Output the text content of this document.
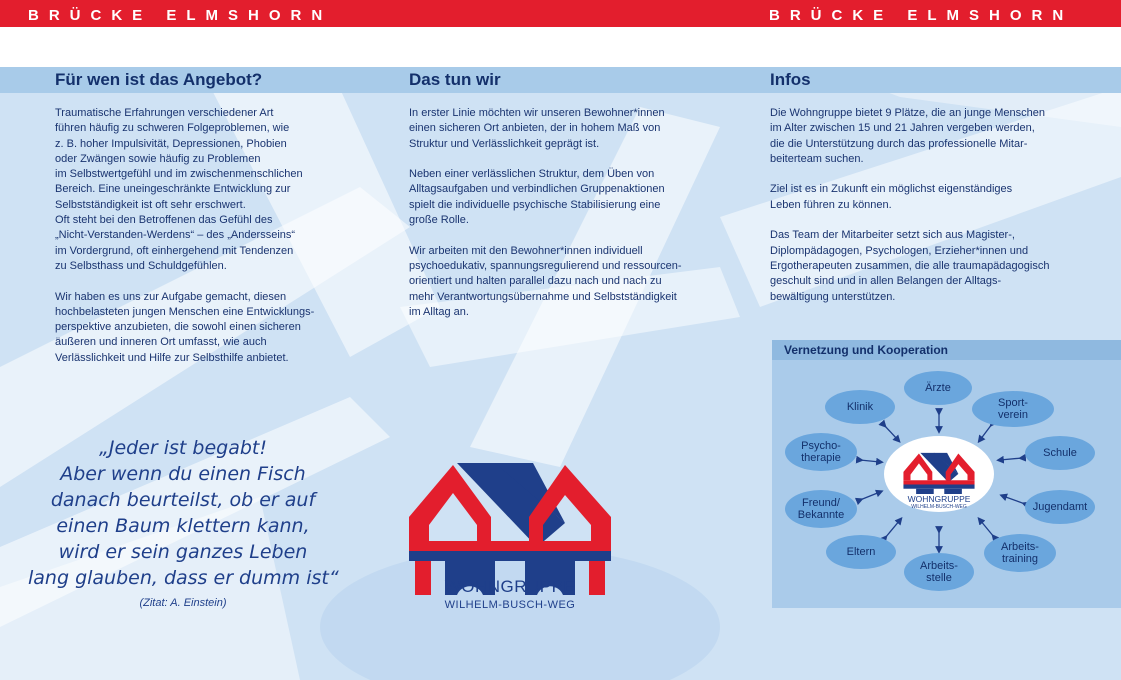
BRÜCKE ELMSHORN	BRÜCKE ELMSHORN
Für wen ist das Angebot?	Das tun wir	Infos
Traumatische Erfahrungen verschiedener Art
führen häufig zu schweren Folgeproblemen, wie
z. B. hoher Impulsivität, Depressionen, Phobien
oder Zwängen sowie häufig zu Problemen
im Selbstwertgefühl und im zwischenmenschlichen
Bereich. Eine uneingeschränkte Entwicklung zur
Selbstständigkeit ist oft sehr erschwert.
Oft steht bei den Betroffenen das Gefühl des
„Nicht-Verstanden-Werdens“ – des „Andersseins“
im Vordergrund, oft einhergehend mit Tendenzen
zu Selbsthass und Schuldgefühlen.
Wir haben es uns zur Aufgabe gemacht, diesen
hochbelasteten jungen Menschen eine Entwicklungs-
perspektive anzubieten, die sowohl einen sicheren
äußeren und inneren Ort umfasst, wie auch
Verlässlichkeit und Hilfe zur Selbsthilfe anbietet.
In erster Linie möchten wir unseren Bewohner*innen
einen sicheren Ort anbieten, der in hohem Maß von
Struktur und Verlässlichkeit geprägt ist.
Neben einer verlässlichen Struktur, dem Üben von
Alltagsaufgaben und verbindlichen Gruppenaktionen
spielt die individuelle psychische Stabilisierung eine
große Rolle.
Wir arbeiten mit den Bewohner*innen individuell
psychoedukativ, spannungsregulierend und ressourcen-
orientiert und halten parallel dazu nach und nach zu
mehr Verantwortungsübernahme und Selbstständigkeit
im Alltag an.
Die Wohngruppe bietet 9 Plätze, die an junge Menschen
im Alter zwischen 15 und 21 Jahren vergeben werden,
die die Unterstützung durch das professionelle Mitar-
beiterteam suchen.
Ziel ist es in Zukunft ein möglichst eigenständiges
Leben führen zu können.
Das Team der Mitarbeiter setzt sich aus Magister-,
Diplompädagogen, Psychologen, Erzieher*innen und
Ergotherapeuten zusammen, die alle traumapädagogisch
geschult sind und in allen Belangen der Alltags-
bewältigung unterstützen.
„Jeder ist begabt!
Aber wenn du einen Fisch
danach beurteilst, ob er auf
einen Baum klettern kann,
wird er sein ganzes Leben
lang glauben, dass er dumm ist“
(Zitat: A. Einstein)
WOHNGRUPPE
WILHELM-BUSCH-WEG
Vernetzung und Kooperation
WOHNGRUPPE
WILHELM-BUSCH-WEG
Ärzte
Klinik	Sport-
verein
Psycho-
therapie	Schule
Freund/
Bekannte
Jugendamt
Eltern
Arbeits-
stelle
Arbeits-
training
